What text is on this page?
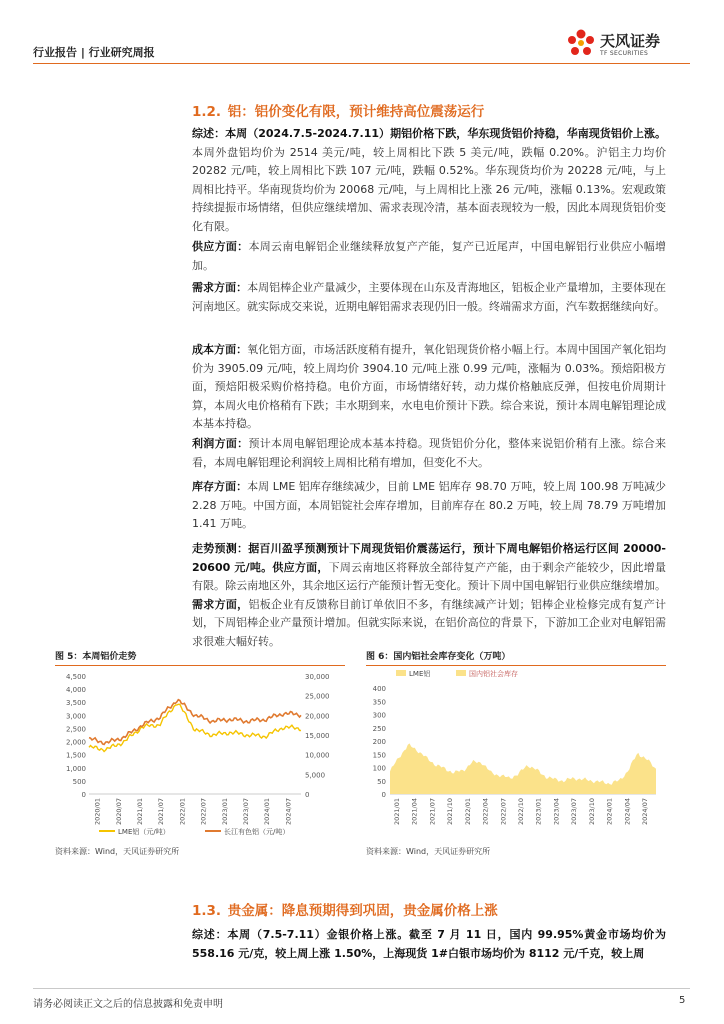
行业报告 | 行业研究周报
天风证券
TF SECURITIES
1.2. 铝：铝价变化有限，预计维持高位震荡运行
综述：本周（2024.7.5-2024.7.11）期铝价格下跌，华东现货铝价持稳，华南现货铝价上涨。本周外盘铝均价为 2514 美元/吨，较上周相比下跌 5 美元/吨，跌幅 0.20%。沪铝主力均价 20282 元/吨，较上周相比下跌 107 元/吨，跌幅 0.52%。华东现货均价为 20228 元/吨，与上周相比持平。华南现货均价为 20068 元/吨，与上周相比上涨 26 元/吨，涨幅 0.13%。宏观政策持续提振市场情绪，但供应继续增加、需求表现冷清，基本面表现较为一般，因此本周现货铝价变化有限。
供应方面：本周云南电解铝企业继续释放复产产能，复产已近尾声，中国电解铝行业供应小幅增加。
需求方面：本周铝棒企业产量减少，主要体现在山东及青海地区，铝板企业产量增加，主要体现在河南地区。就实际成交来说，近期电解铝需求表现仍旧一般。终端需求方面，汽车数据继续向好。
成本方面：氧化铝方面，市场活跃度稍有提升，氧化铝现货价格小幅上行。本周中国国产氧化铝均价为 3905.09 元/吨，较上周均价 3904.10 元/吨上涨 0.99 元/吨，涨幅为 0.03%。预焙阳极方面，预焙阳极采购价格持稳。电价方面，市场情绪好转，动力煤价格触底反弹，但按电价周期计算，本周火电价格稍有下跌；丰水期到来，水电电价预计下跌。综合来说，预计本周电解铝理论成本基本持稳。
利润方面：预计本周电解铝理论成本基本持稳。现货铝价分化，整体来说铝价稍有上涨。综合来看，本周电解铝理论利润较上周相比稍有增加，但变化不大。
库存方面：本周 LME 铝库存继续减少，目前 LME 铝库存 98.70 万吨，较上周 100.98 万吨减少 2.28 万吨。中国方面，本周铝锭社会库存增加，目前库存在 80.2 万吨，较上周 78.79 万吨增加 1.41 万吨。
走势预测：据百川盈孚预测预计下周现货铝价震荡运行，预计下周电解铝价格运行区间 20000-20600 元/吨。供应方面，下周云南地区将释放全部待复产产能，由于剩余产能较少，因此增量有限。除云南地区外，其余地区运行产能预计暂无变化。预计下周中国电解铝行业供应继续增加。需求方面，铝板企业有反馈称目前订单依旧不多，有继续减产计划；铝棒企业检修完成有复产计划，下周铝棒企业产量预计增加。但就实际来说，在铝价高位的背景下，下游加工企业对电解铝需求很难大幅好转。
图 5：本周铝价走势
0
500
1,000
1,500
2,000
2,500
3,000
3,500
4,000
4,500
0
5,000
10,000
15,000
20,000
25,000
30,000
2020/01 2020/07 2021/01 2021/07 2022/01 2022/07 2023/01 2023/07 2024/01 2024/07
LME铝（元/吨）	长江有色铝（元/吨）
资料来源：Wind，天风证券研究所
图 6：国内铝社会库存变化（万吨）
0
50
100
150
200
250
300
350
400
2021/01 2021/04 2021/07 2021/10 2022/01 2022/04 2022/07 2022/10 2023/01 2023/04 2023/07 2023/10 2024/01 2024/04 2024/07
LME铝	国内铝社会库存
资料来源：Wind，天风证券研究所
1.3. 贵金属：降息预期得到巩固，贵金属价格上涨
综述：本周（7.5-7.11）金银价格上涨。截至 7 月 11 日，国内 99.95%黄金市场均价为 558.16 元/克，较上周上涨 1.50%，上海现货 1#白银市场均价为 8112 元/千克，较上周
请务必阅读正文之后的信息披露和免责申明	5
